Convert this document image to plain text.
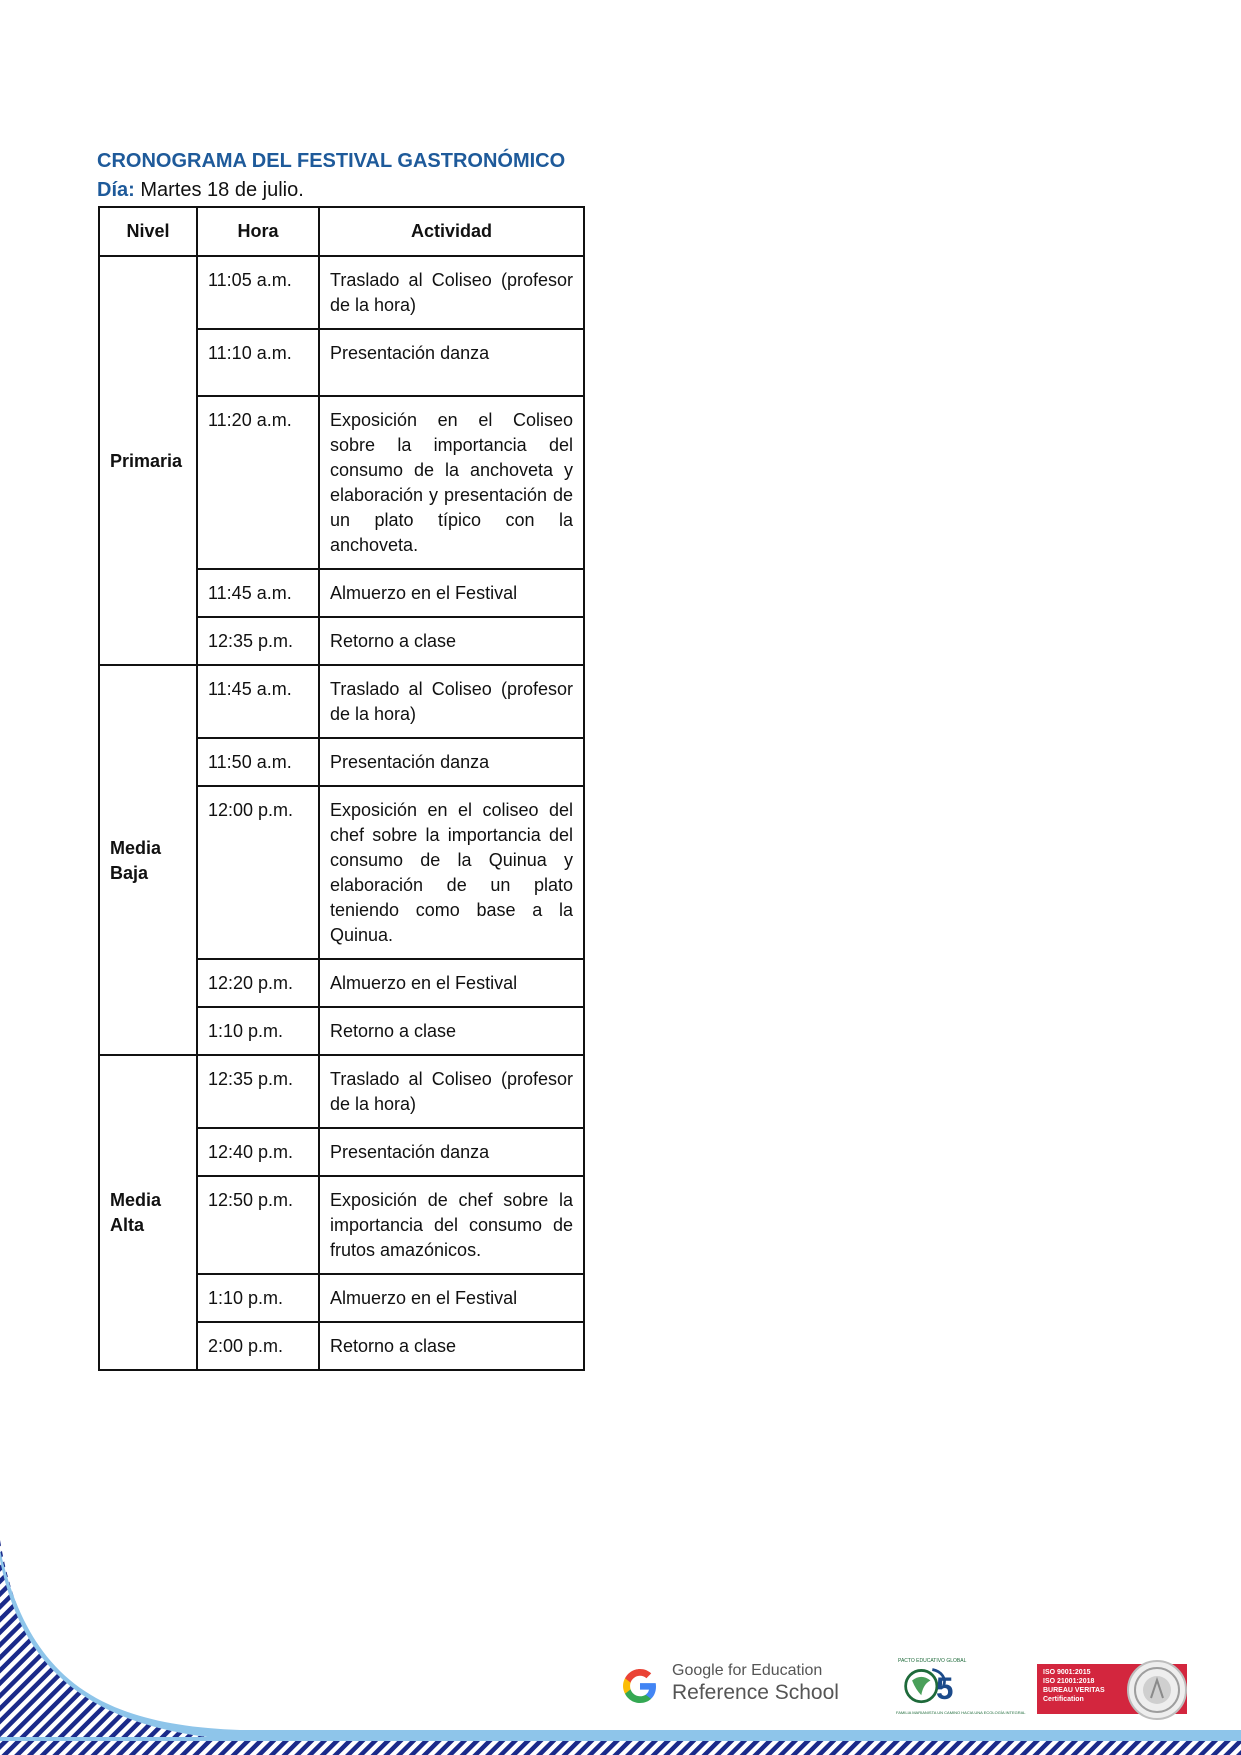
CRONOGRAMA DEL FESTIVAL GASTRONÓMICO
Día: Martes 18 de julio.
Nivel	Hora	Actividad
Primaria	11:05 a.m.	Traslado al Coliseo (profesor de la hora)
	11:10 a.m.	Presentación danza
	11:20 a.m.	Exposición en el Coliseo sobre la importancia del consumo de la anchoveta y elaboración y presentación de un plato típico con la anchoveta.
	11:45 a.m.	Almuerzo en el Festival
	12:35 p.m.	Retorno a clase
Media Baja	11:45 a.m.	Traslado al Coliseo (profesor de la hora)
	11:50 a.m.	Presentación danza
	12:00 p.m.	Exposición en el coliseo del chef sobre la importancia del consumo de la Quinua y elaboración de un plato teniendo como base a la Quinua.
	12:20 p.m.	Almuerzo en el Festival
	1:10 p.m.	Retorno a clase
Media Alta	12:35 p.m.	Traslado al Coliseo (profesor de la hora)
	12:40 p.m.	Presentación danza
	12:50 p.m.	Exposición de chef sobre la importancia del consumo de frutos amazónicos.
	1:10 p.m.	Almuerzo en el Festival
	2:00 p.m.	Retorno a clase
Google for Education
Reference School
PACTO EDUCATIVO GLOBAL
5
FAMILIA MARIANISTA UN CAMINO HACIA UNA ECOLOGÍA INTEGRAL
ISO 9001:2015
ISO 21001:2018
BUREAU VERITAS
Certification
